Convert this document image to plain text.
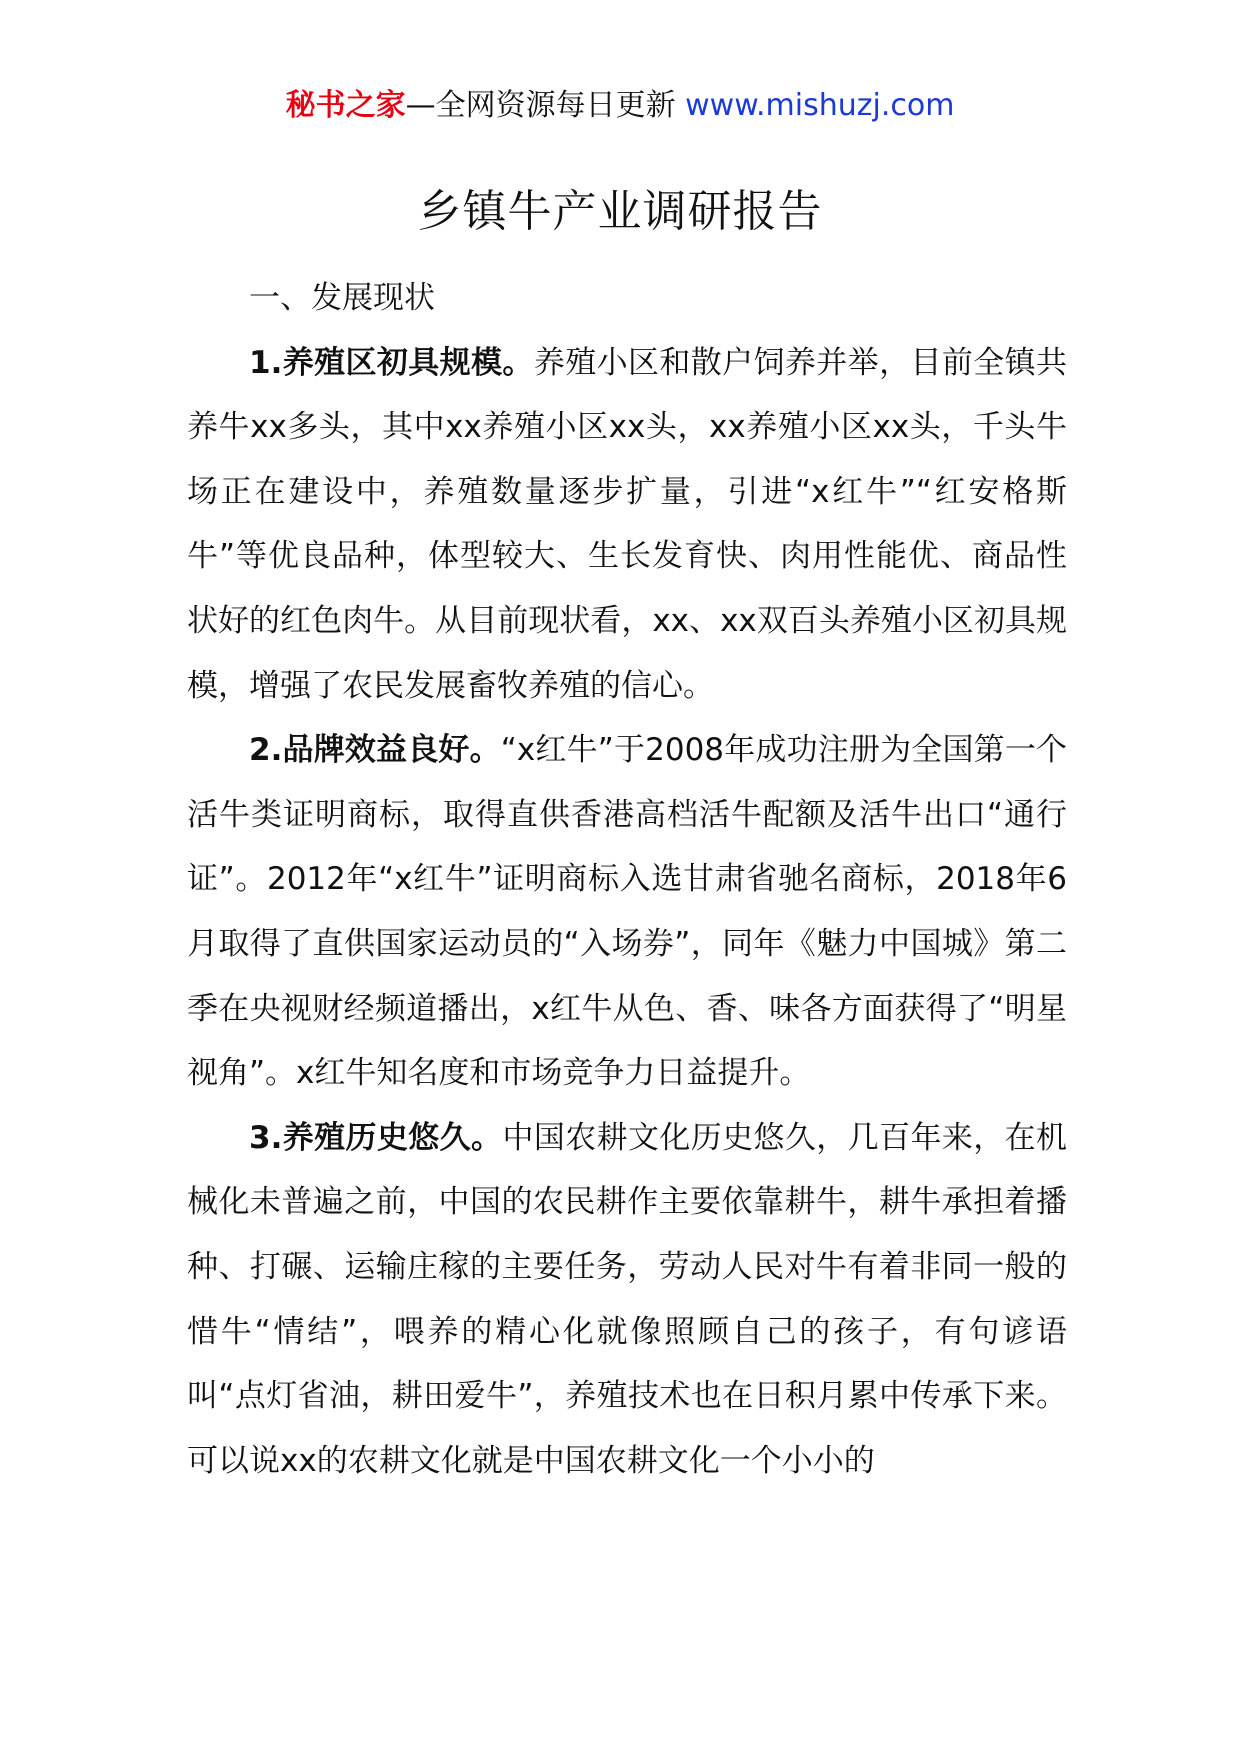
秘书之家—全网资源每日更新 www.mishuzj.com
乡镇牛产业调研报告

一、发展现状

1.养殖区初具规模。养殖小区和散户饲养并举，目前全镇共养牛xx多头，其中xx养殖小区xx头，xx养殖小区xx头，千头牛场正在建设中，养殖数量逐步扩量，引进“x红牛”“红安格斯牛”等优良品种，体型较大、生长发育快、肉用性能优、商品性状好的红色肉牛。从目前现状看，xx、xx双百头养殖小区初具规模，增强了农民发展畜牧养殖的信心。

2.品牌效益良好。“x红牛”于2008年成功注册为全国第一个活牛类证明商标，取得直供香港高档活牛配额及活牛出口“通行证”。2012年“x红牛”证明商标入选甘肃省驰名商标，2018年6月取得了直供国家运动员的“入场券”，同年《魅力中国城》第二季在央视财经频道播出，x红牛从色、香、味各方面获得了“明星视角”。x红牛知名度和市场竞争力日益提升。

3.养殖历史悠久。中国农耕文化历史悠久，几百年来，在机械化未普遍之前，中国的农民耕作主要依靠耕牛，耕牛承担着播种、打碾、运输庄稼的主要任务，劳动人民对牛有着非同一般的惜牛“情结”，喂养的精心化就像照顾自己的孩子，有句谚语叫“点灯省油，耕田爱牛”，养殖技术也在日积月累中传承下来。可以说xx的农耕文化就是中国农耕文化一个小小的
